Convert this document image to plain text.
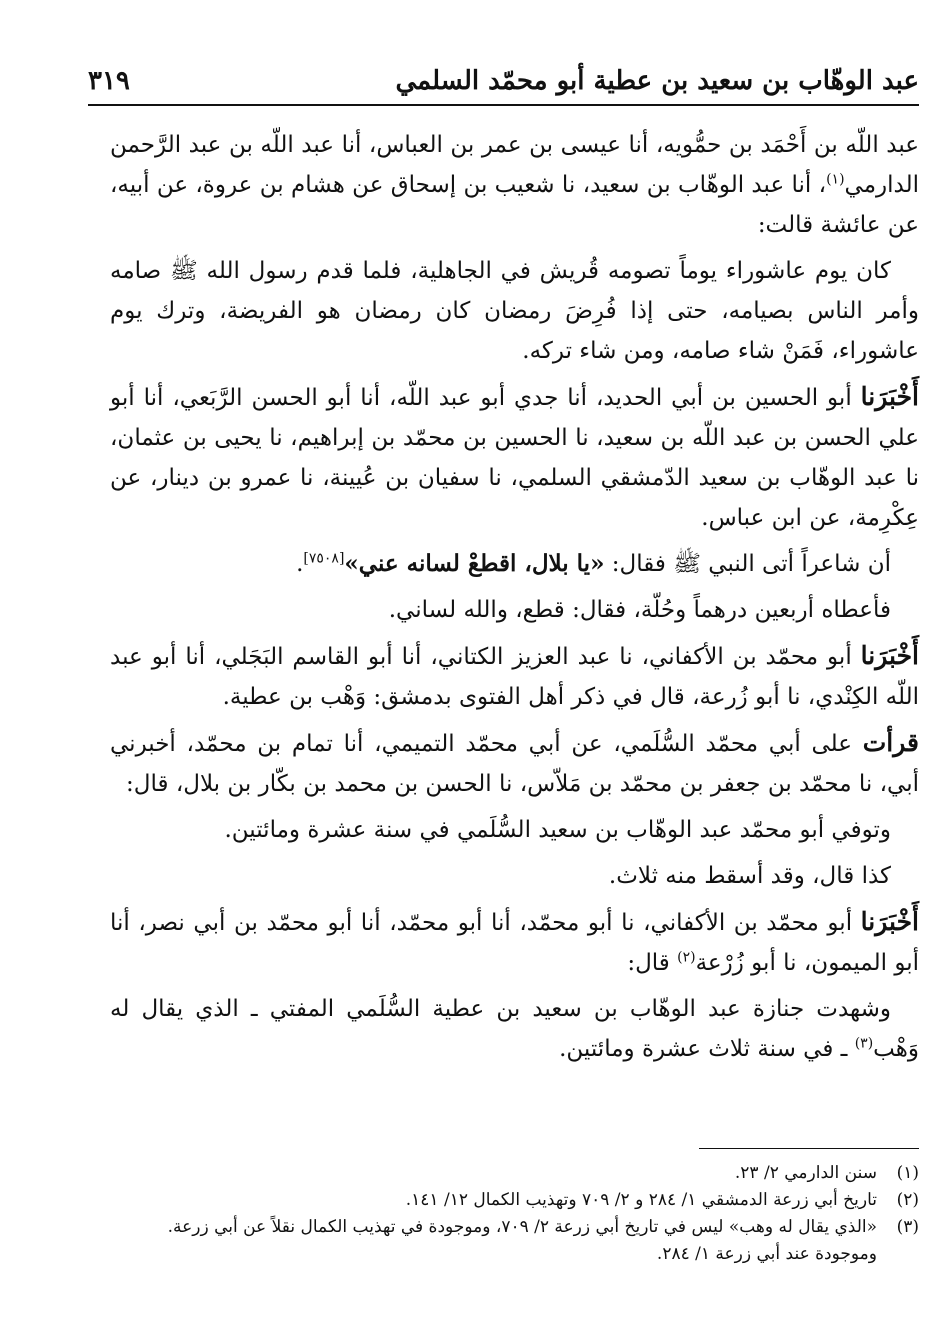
عبد الوهّاب بن سعيد بن عطية أبو محمّد السلمي
٣١٩

عبد اللّه بن أَحْمَد بن حمُّويه، أنا عيسى بن عمر بن العباس، أنا عبد اللّه بن عبد الرَّحمن الدارمي$^{(١)}$، أنا عبد الوهّاب بن سعيد، نا شعيب بن إسحاق عن هشام بن عروة، عن أبيه، عن عائشة قالت:

كان يوم عاشوراء يوماً تصومه قُريش في الجاهلية، فلما قدم رسول الله ﷺ صامه وأمر الناس بصيامه، حتى إذا فُرِضَ رمضان كان رمضان هو الفريضة، وترك يوم عاشوراء، فَمَنْ شاء صامه، ومن شاء تركه.

أَخْبَرَنا أبو الحسين بن أبي الحديد، أنا جدي أبو عبد اللّه، أنا أبو الحسن الرَّبَعي، أنا أبو علي الحسن بن عبد اللّه بن سعيد، نا الحسين بن محمّد بن إبراهيم، نا يحيى بن عثمان، نا عبد الوهّاب بن سعيد الدّمشقي السلمي، نا سفيان بن عُيينة، نا عمرو بن دينار، عن عِكْرِمة، عن ابن عباس.

أن شاعراً أتى النبي ﷺ فقال: «يا بلال، اقطعْ لسانه عني»[٧٥٠٨].

فأعطاه أربعين درهماً وحُلّة، فقال: قطع، والله لساني.

أَخْبَرَنا أبو محمّد بن الأكفاني، نا عبد العزيز الكتاني، أنا أبو القاسم البَجَلي، أنا أبو عبد اللّه الكِنْدي، نا أبو زُرعة، قال في ذكر أهل الفتوى بدمشق: وَهْب بن عطية.

قرأت على أبي محمّد السُّلَمي، عن أبي محمّد التميمي، أنا تمام بن محمّد، أخبرني أبي، نا محمّد بن جعفر بن محمّد بن مَلاّس، نا الحسن بن محمد بن بكّار بن بلال، قال:

وتوفي أبو محمّد عبد الوهّاب بن سعيد السُّلَمي في سنة عشرة ومائتين.

كذا قال، وقد أسقط منه ثلاث.

أَخْبَرَنا أبو محمّد بن الأكفاني، نا أبو محمّد، أنا أبو محمّد، أنا أبو محمّد بن أبي نصر، أنا أبو الميمون، نا أبو زُرْعة$^{(٢)}$ قال:

وشهدت جنازة عبد الوهّاب بن سعيد بن عطية السُّلَمي المفتي ـ الذي يقال له وَهْب$^{(٣)}$ ـ في سنة ثلاث عشرة ومائتين.

(١)
سنن الدارمي ٢/ ٢٣.
(٢)
تاريخ أبي زرعة الدمشقي ١/ ٢٨٤ و ٢/ ٧٠٩ وتهذيب الكمال ١٢/ ١٤١.
(٣)
«الذي يقال له وهب» ليس في تاريخ أبي زرعة ٢/ ٧٠٩، وموجودة في تهذيب الكمال نقلاً عن أبي زرعة. وموجودة عند أبي زرعة ١/ ٢٨٤.
